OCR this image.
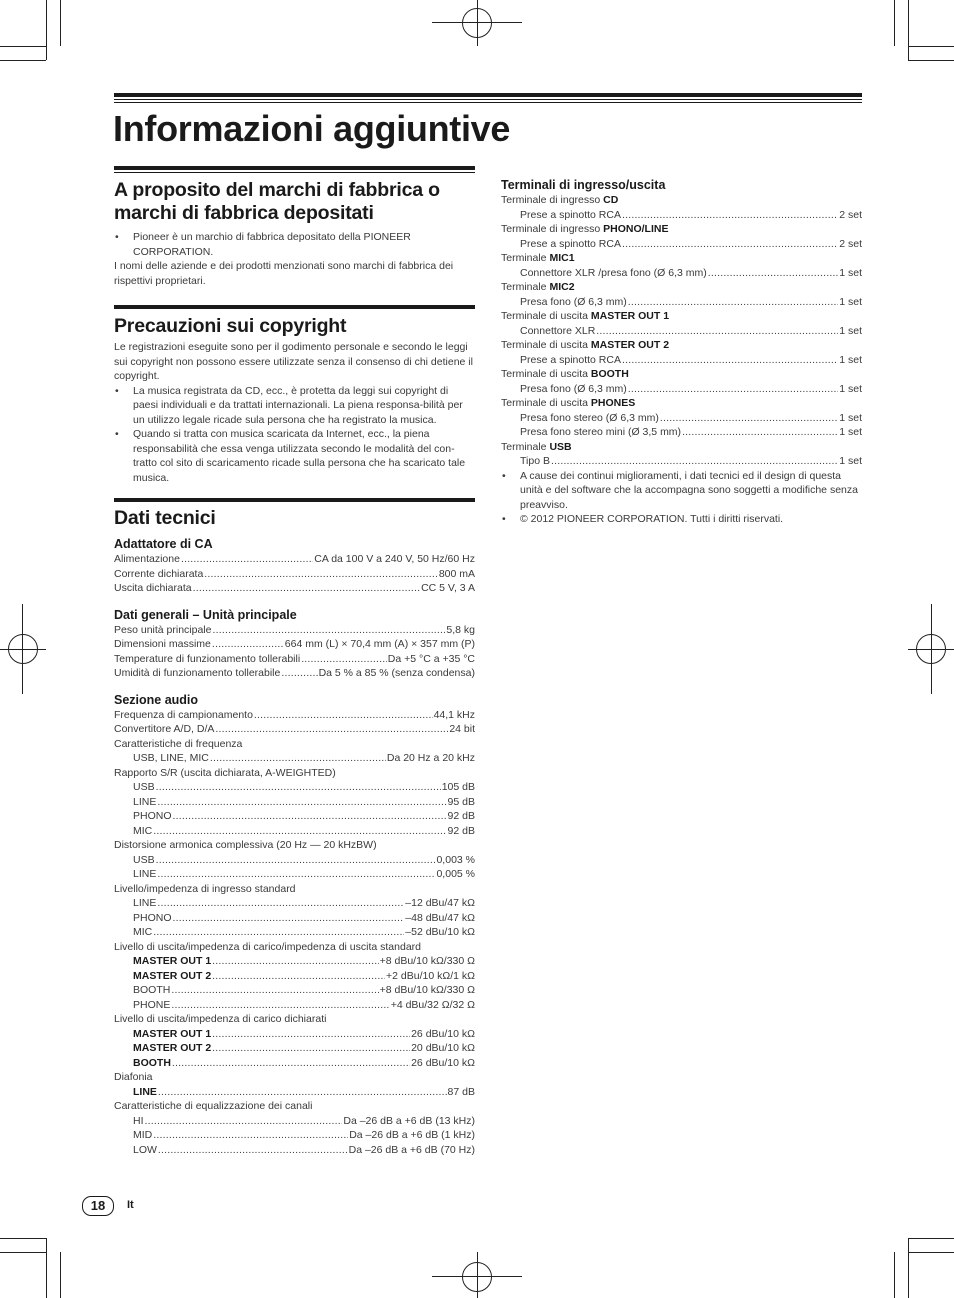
Informazioni aggiuntive
A proposito del marchi di fabbrica o marchi di fabbrica depositati
• Pioneer è un marchio di fabbrica depositato della PIONEER CORPORATION.

I nomi delle aziende e dei prodotti menzionati sono marchi di fabbrica dei rispettivi proprietari.

Precauzioni sui copyright

Le registrazioni eseguite sono per il godimento personale e secondo le leggi sui copyright non possono essere utilizzate senza il consenso di chi detiene il copyright.

• La musica registrata da CD, ecc., è protetta da leggi sui copyright di paesi individuali e da trattati internazionali. La piena responsa-bilità per un utilizzo legale ricade sula persona che ha registrato la musica.
• Quando si tratta con musica scaricata da Internet, ecc., la piena responsabilità che essa venga utilizzata secondo le modalità del con-tratto col sito di scaricamento ricade sulla persona che ha scaricato tale musica.
Dati tecnici
Adattatore di CA
Alimentazione .....	CA da 100 V a 240 V, 50 Hz/60 Hz
Corrente dichiarata .....	800 mA
Uscita dichiarata .....	CC 5 V, 3 A
Dati generali – Unità principale
Peso unità principale .....	5,8 kg
Dimensioni massime .....	664 mm (L) × 70,4 mm (A) × 357 mm (P)
Temperature di funzionamento tollerabili .....	Da +5 °C a +35 °C
Umidità di funzionamento tollerabile .....	Da 5 % a 85 % (senza condensa)
Sezione audio
Frequenza di campionamento .....	44,1 kHz
Convertitore A/D, D/A .....	24 bit
Caratteristiche di frequenza
USB, LINE, MIC .....	Da 20 Hz a 20 kHz
Rapporto S/R (uscita dichiarata, A-WEIGHTED)
USB .....	105 dB
LINE .....	95 dB
PHONO .....	92 dB
MIC .....	92 dB
Distorsione armonica complessiva (20 Hz — 20 kHzBW)
USB .....	0,003 %
LINE .....	0,005 %
Livello/impedenza di ingresso standard
LINE .....	–12 dBu/47 kΩ
PHONO .....	–48 dBu/47 kΩ
MIC .....	–52 dBu/10 kΩ
Livello di uscita/impedenza di carico/impedenza di uscita standard
MASTER OUT 1 .....	+8 dBu/10 kΩ/330 Ω
MASTER OUT 2 .....	+2 dBu/10 kΩ/1 kΩ
BOOTH .....	+8 dBu/10 kΩ/330 Ω
PHONE .....	+4 dBu/32 Ω/32 Ω
Livello di uscita/impedenza di carico dichiarati
MASTER OUT 1 .....	26 dBu/10 kΩ
MASTER OUT 2 .....	20 dBu/10 kΩ
BOOTH .....	26 dBu/10 kΩ
Diafonia
LINE .....	87 dB
Caratteristiche di equalizzazione dei canali
HI .....	Da –26 dB a +6 dB (13 kHz)
MID .....	Da –26 dB a +6 dB (1 kHz)
LOW .....	Da –26 dB a +6 dB (70 Hz)
Terminali di ingresso/uscita
Terminale di ingresso CD
Prese a spinotto RCA .....	2 set
Terminale di ingresso PHONO/LINE
Prese a spinotto RCA .....	2 set
Terminale MIC1
Connettore XLR /presa fono (Ø 6,3 mm) .....	1 set
Terminale MIC2
Presa fono (Ø 6,3 mm) .....	1 set
Terminale di uscita MASTER OUT 1
Connettore XLR .....	1 set
Terminale di uscita MASTER OUT 2
Prese a spinotto RCA .....	1 set
Terminale di uscita BOOTH
Presa fono (Ø 6,3 mm) .....	1 set
Terminale di uscita PHONES
Presa fono stereo (Ø 6,3 mm) .....	1 set
Presa fono stereo mini (Ø 3,5 mm) .....	1 set
Terminale USB
Tipo B .....	1 set
• A cause dei continui miglioramenti, i dati tecnici ed il design di questa unità e del software che la accompagna sono soggetti a modifiche senza preavviso.
• © 2012 PIONEER CORPORATION. Tutti i diritti riservati.
18	It
